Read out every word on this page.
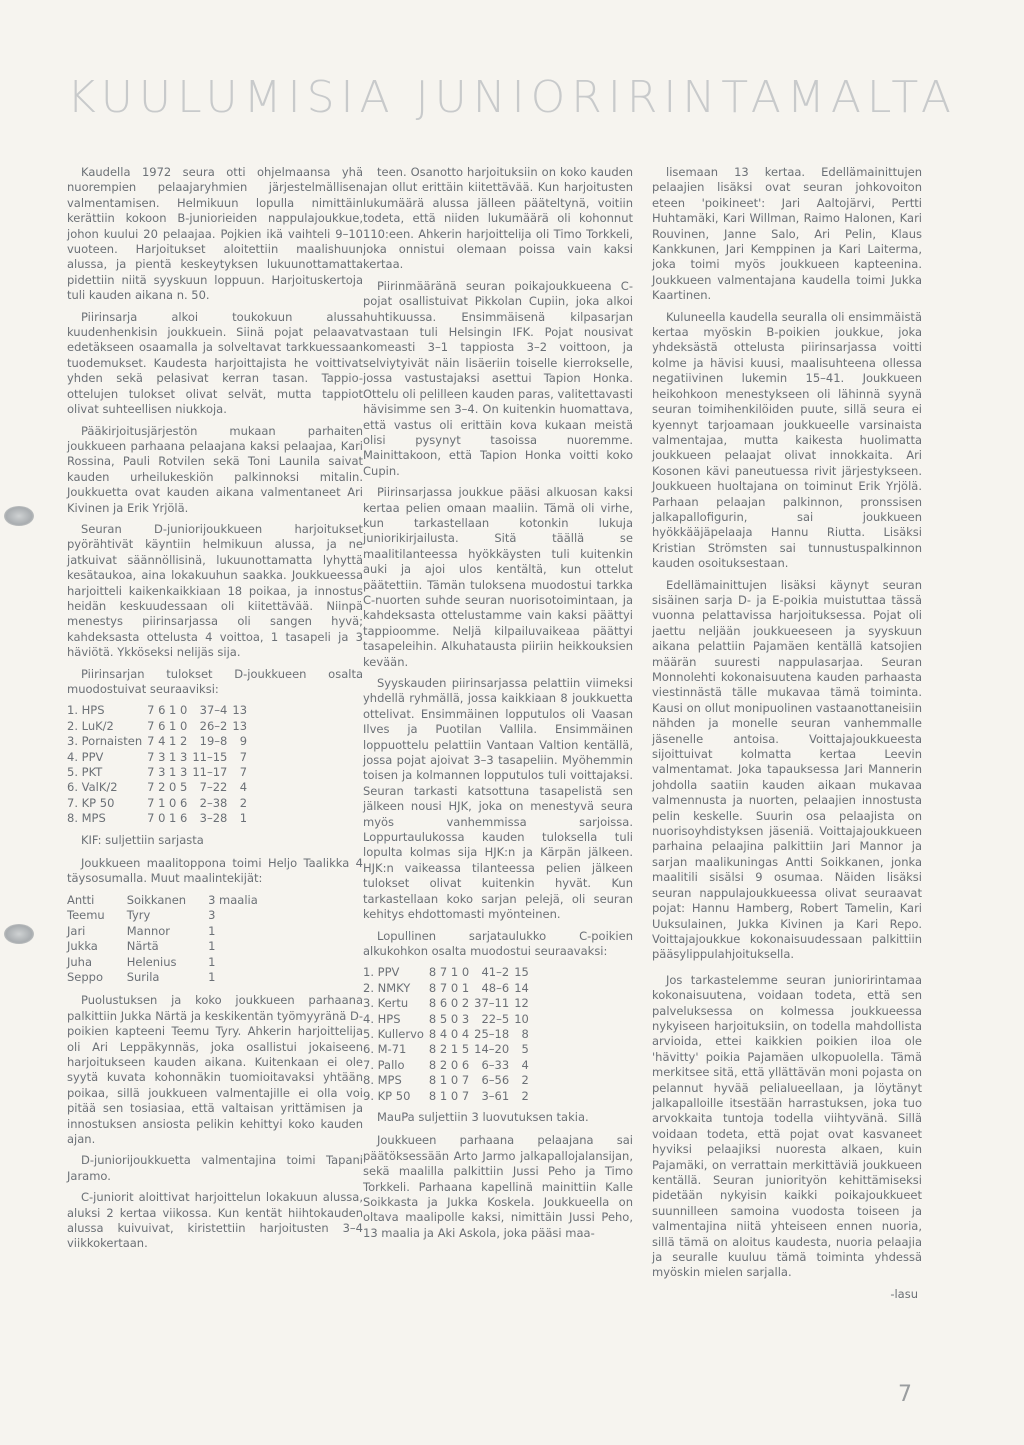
KUULUMISIA JUNIORIRINTAMALTA

Kaudella 1972 seura otti ohjelmaansa yhä nuorempien pelaajaryhmien järjestelmällisen valmentamisen. Helmikuun lopulla nimittäin kerättiin kokoon B-juniorieiden nappulajoukkue, johon kuului 20 pelaajaa. Pojkien ikä vaihteli 9–10 vuoteen. Harjoitukset aloitettiin maalishuun alussa, ja pientä keskeytyksen lukuunottamatta pidettiin niitä syyskuun loppuun. Harjoituskertoja tuli kauden aikana n. 50.

Piirinsarja alkoi toukokuun alussa kuudenhenkisin joukkuein. Siinä pojat pelaavat edetäkseen osaamalla ja solveltavat tarkkuessaan tuodemukset. Kaudesta harjoittajista he voittivat yhden sekä pelasivat kerran tasan. Tappio-ottelujen tulokset olivat selvät, mutta tappiot olivat suhteellisen niukkoja.

Pääkirjoitusjärjestön mukaan parhaiten joukkueen parhaana pelaajana kaksi pelaajaa, Kari Rossina, Pauli Rotvilen sekä Toni Launila saivat kauden urheilukeskiön palkinnoksi mitalin. Joukkuetta ovat kauden aikana valmentaneet Ari Kivinen ja Erik Yrjölä.

Seuran D-juniorijoukkueen harjoitukset pyörähtivät käyntiin helmikuun alussa, ja ne jatkuivat säännöllisinä, lukuunottamatta lyhyttä kesätaukoa, aina lokakuuhun saakka. Joukkueessa harjoitteli kaikenkaikkiaan 18 poikaa, ja innostus heidän keskuudessaan oli kiitettävää. Niinpä menestys piirinsarjassa oli sangen hyvä; kahdeksasta ottelusta 4 voittoa, 1 tasapeli ja 3 häviötä. Ykköseksi nelijäs sija.

Piirinsarjan tulokset D-joukkueen osalta muodostuivat seuraaviksi:

1. HPS	7 6 1 0	37–4	13
2. LuK/2	7 6 1 0	26–2	13
3. Pornaisten	7 4 1 2	19–8	9
4. PPV	7 3 1 3	11–15	7
5. PKT	7 3 1 3	11–17	7
6. ValK/2	7 2 0 5	7–22	4
7. KP 50	7 1 0 6	2–38	2
8. MPS	7 0 1 6	3–28	1
KIF: suljettiin sarjasta

Joukkueen maalitoppona toimi Heljo Taalikka 4 täysosumalla. Muut maalintekijät:

Antti	Soikkanen	3 maalia
Teemu	Tyry	3
Jari	Mannor	1
Jukka	Närtä	1
Juha	Helenius	1
Seppo	Surila	1

Puolustuksen ja koko joukkueen parhaana palkittiin Jukka Närtä ja keskikentän työmyyränä D-poikien kapteeni Teemu Tyry. Ahkerin harjoittelija oli Ari Leppäkynnäs, joka osallistui jokaiseen harjoitukseen kauden aikana. Kuitenkaan ei ole syytä kuvata kohonnäkin tuomioitavaksi yhtään poikaa, sillä joukkueen valmentajille ei olla voi pitää sen tosiasiaa, että valtaisan yrittämisen ja innostuksen ansiosta pelikin kehittyi koko kauden ajan.

D-juniorijoukkuetta valmentajina toimi Tapani Jaramo.

C-juniorit aloittivat harjoittelun lokakuun alussa, aluksi 2 kertaa viikossa. Kun kentät hiihtokauden alussa kuivuivat, kiristettiin harjoitusten 3–4 viikkokertaan.

teen. Osanotto harjoituksiin on koko kauden ajan ollut erittäin kiitettävää. Kun harjoitusten lukumäärä alussa jälleen pääteltynä, voitiin todeta, että niiden lukumäärä oli kohonnut 110:een. Ahkerin harjoittelija oli Timo Torkkeli, joka onnistui olemaan poissa vain kaksi kertaa.

Piirinmääränä seuran poikajoukkueena C-pojat osallistuivat Pikkolan Cupiin, joka alkoi huhtikuussa. Ensimmäisenä kilpasarjan vastaan tuli Helsingin IFK. Pojat nousivat komeasti 3–1 tappiosta 3–2 voittoon, ja selviytyivät näin lisäeriin toiselle kierrokselle, jossa vastustajaksi asettui Tapion Honka. Ottelu oli pelilleen kauden paras, valitettavasti hävisimme sen 3–4. On kuitenkin huomattava, että vastus oli erittäin kova kukaan meistä olisi pysynyt tasoissa nuoremme. Mainittakoon, että Tapion Honka voitti koko Cupin.

Piirinsarjassa joukkue pääsi alkuosan kaksi kertaa pelien omaan maaliin. Tämä oli virhe, kun tarkastellaan kotonkin lukuja juniorikirjailusta. Sitä täällä se maalitilanteessa hyökkäysten tuli kuitenkin auki ja ajoi ulos kentältä, kun ottelut päätettiin. Tämän tuloksena muodostui tarkka C-nuorten suhde seuran nuorisotoimintaan, ja kahdeksasta ottelustamme vain kaksi päättyi tappioomme. Neljä kilpailuvaikeaa päättyi tasapeleihin. Alkuhatausta piiriin heikkouksien kevään.

Syyskauden piirinsarjassa pelattiin viimeksi yhdellä ryhmällä, jossa kaikkiaan 8 joukkuetta ottelivat. Ensimmäinen lopputulos oli Vaasan Ilves ja Puotilan Vallila. Ensimmäinen loppuottelu pelattiin Vantaan Valtion kentällä, jossa pojat ajoivat 3–3 tasapeliin. Myöhemmin toisen ja kolmannen lopputulos tuli voittajaksi. Seuran tarkasti katsottuna tasapelistä sen jälkeen nousi HJK, joka on menestyvä seura myös vanhemmissa sarjoissa. Loppurtaulukossa kauden tuloksella tuli lopulta kolmas sija HJK:n ja Kärpän jälkeen. HJK:n vaikeassa tilanteessa pelien jälkeen tulokset olivat kuitenkin hyvät. Kun tarkastellaan koko sarjan pelejä, oli seuran kehitys ehdottomasti myönteinen.

Lopullinen sarjataulukko C-poikien alkukohkon osalta muodostui seuraavaksi:

1. PPV	8 7 1 0	41–2	15
2. NMKY	8 7 0 1	48–6	14
3. Kertu	8 6 0 2	37–11	12
4. HPS	8 5 0 3	22–5	10
5. Kullervo	8 4 0 4	25–18	8
6. M-71	8 2 1 5	14–20	5
7. Pallo	8 2 0 6	6–33	4
8. MPS	8 1 0 7	6–56	2
9. KP 50	8 1 0 7	3–61	2
MauPa suljettiin 3 luovutuksen takia.

Joukkueen parhaana pelaajana sai päätöksessään Arto Jarmo jalkapallojalansijan, sekä maalilla palkittiin Jussi Peho ja Timo Torkkeli. Parhaana kapellinä mainittiin Kalle Soikkasta ja Jukka Koskela. Joukkueella on oltava maalipolle kaksi, nimittäin Jussi Peho, 13 maalia ja Aki Askola, joka pääsi maa-

lisemaan 13 kertaa. Edellämainittujen pelaajien lisäksi ovat seuran johkovoiton eteen 'poikineet': Jari Aaltojärvi, Pertti Huhtamäki, Kari Willman, Raimo Halonen, Kari Rouvinen, Janne Salo, Ari Pelin, Klaus Kankkunen, Jari Kemppinen ja Kari Laiterma, joka toimi myös joukkueen kapteenina. Joukkueen valmentajana kaudella toimi Jukka Kaartinen.

Kuluneella kaudella seuralla oli ensimmäistä kertaa myöskin B-poikien joukkue, joka yhdeksästä ottelusta piirinsarjassa voitti kolme ja hävisi kuusi, maalisuhteena ollessa negatiivinen lukemin 15–41. Joukkueen heikohkoon menestykseen oli lähinnä syynä seuran toimihenkilöiden puute, sillä seura ei kyennyt tarjoamaan joukkueelle varsinaista valmentajaa, mutta kaikesta huolimatta joukkueen pelaajat olivat innokkaita. Ari Kosonen kävi paneutuessa rivit järjestykseen. Joukkueen huoltajana on toiminut Erik Yrjölä. Parhaan pelaajan palkinnon, pronssisen jalkapallofigurin, sai joukkueen hyökkääjäpelaaja Hannu Riutta. Lisäksi Kristian Strömsten sai tunnustuspalkinnon kauden osoituksestaan.

Edellämainittujen lisäksi käynyt seuran sisäinen sarja D- ja E-poikia muistuttaa tässä vuonna pelattavissa harjoituksessa. Pojat oli jaettu neljään joukkueeseen ja syyskuun aikana pelattiin Pajamäen kentällä katsojien määrän suuresti nappulasarjaa. Seuran Monnolehti kokonaisuutena kauden parhaasta viestinnästä tälle mukavaa tämä toiminta. Kausi on ollut monipuolinen vastaanottaneisiin nähden ja monelle seuran vanhemmalle jäsenelle antoisa. Voittajajoukkueesta sijoittuivat kolmatta kertaa Leevin valmentamat. Joka tapauksessa Jari Mannerin johdolla saatiin kauden aikaan mukavaa valmennusta ja nuorten, pelaajien innostusta pelin keskelle. Suurin osa pelaajista on nuorisoyhdistyksen jäseniä. Voittajajoukkueen parhaina pelaajina palkittiin Jari Mannor ja sarjan maalikuningas Antti Soikkanen, jonka maalitili sisälsi 9 osumaa. Näiden lisäksi seuran nappulajoukkueessa olivat seuraavat pojat: Hannu Hamberg, Robert Tamelin, Kari Uuksulainen, Jukka Kivinen ja Kari Repo. Voittajajoukkue kokonaisuudessaan palkittiin pääsylippulahjoituksella.

Jos tarkastelemme seuran junioririntamaa kokonaisuutena, voidaan todeta, että sen palveluksessa on kolmessa joukkueessa nykyiseen harjoituksiin, on todella mahdollista arvioida, ettei kaikkien poikien iloa ole 'hävitty' poikia Pajamäen ulkopuolella. Tämä merkitsee sitä, että yllättävän moni pojasta on pelannut hyvää pelialueellaan, ja löytänyt jalkapalloille itsestään harrastuksen, joka tuo arvokkaita tuntoja todella viihtyvänä. Sillä voidaan todeta, että pojat ovat kasvaneet hyviksi pelaajiksi nuoresta alkaen, kuin Pajamäki, on verrattain merkittäviä joukkueen kentällä. Seuran juniorityön kehittämiseksi pidetään nykyisin kaikki poikajoukkueet suunnilleen samoina vuodosta toiseen ja valmentajina niitä yhteiseen ennen nuoria, sillä tämä on aloitus kaudesta, nuoria pelaajia ja seuralle kuuluu tämä toiminta yhdessä myöskin mielen sarjalla.

-lasu
7
